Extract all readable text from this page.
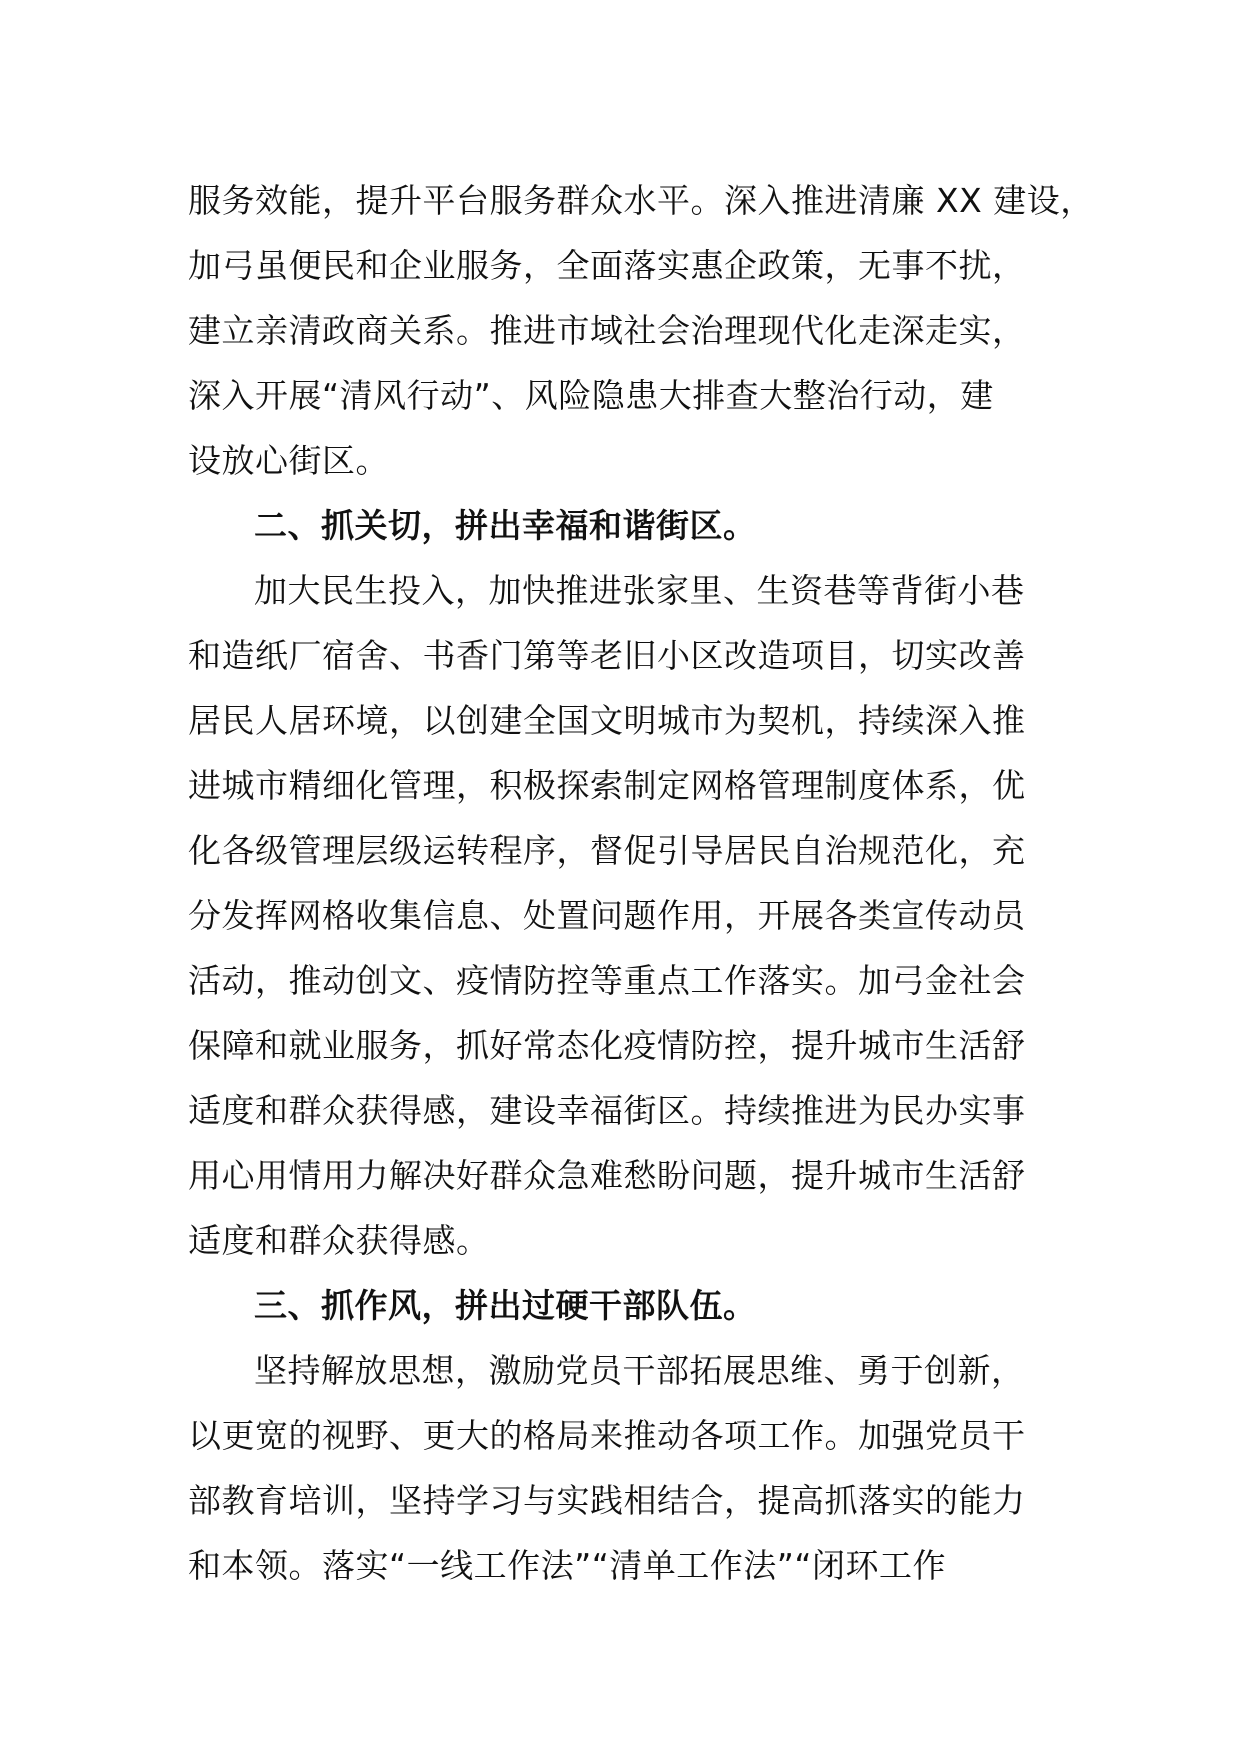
服务效能，提升平台服务群众水平。深入推进清廉 XX 建设，
加弓虽便民和企业服务，全面落实惠企政策，无事不扰，
建立亲清政商关系。推进市域社会治理现代化走深走实，
深入开展“清风行动”、风险隐患大排查大整治行动，建
设放心街区。
二、抓关切，拼出幸福和谐街区。
加大民生投入，加快推进张家里、生资巷等背街小巷
和造纸厂宿舍、书香门第等老旧小区改造项目，切实改善
居民人居环境，以创建全国文明城市为契机，持续深入推
进城市精细化管理，积极探索制定网格管理制度体系，优
化各级管理层级运转程序，督促引导居民自治规范化，充
分发挥网格收集信息、处置问题作用，开展各类宣传动员
活动，推动创文、疫情防控等重点工作落实。加弓金社会
保障和就业服务，抓好常态化疫情防控，提升城市生活舒
适度和群众获得感，建设幸福街区。持续推进为民办实事
用心用情用力解决好群众急难愁盼问题，提升城市生活舒
适度和群众获得感。
三、抓作风，拼出过硬干部队伍。
坚持解放思想，激励党员干部拓展思维、勇于创新，
以更宽的视野、更大的格局来推动各项工作。加强党员干
部教育培训，坚持学习与实践相结合，提高抓落实的能力
和本领。落实“一线工作法”“清单工作法”“闭环工作
